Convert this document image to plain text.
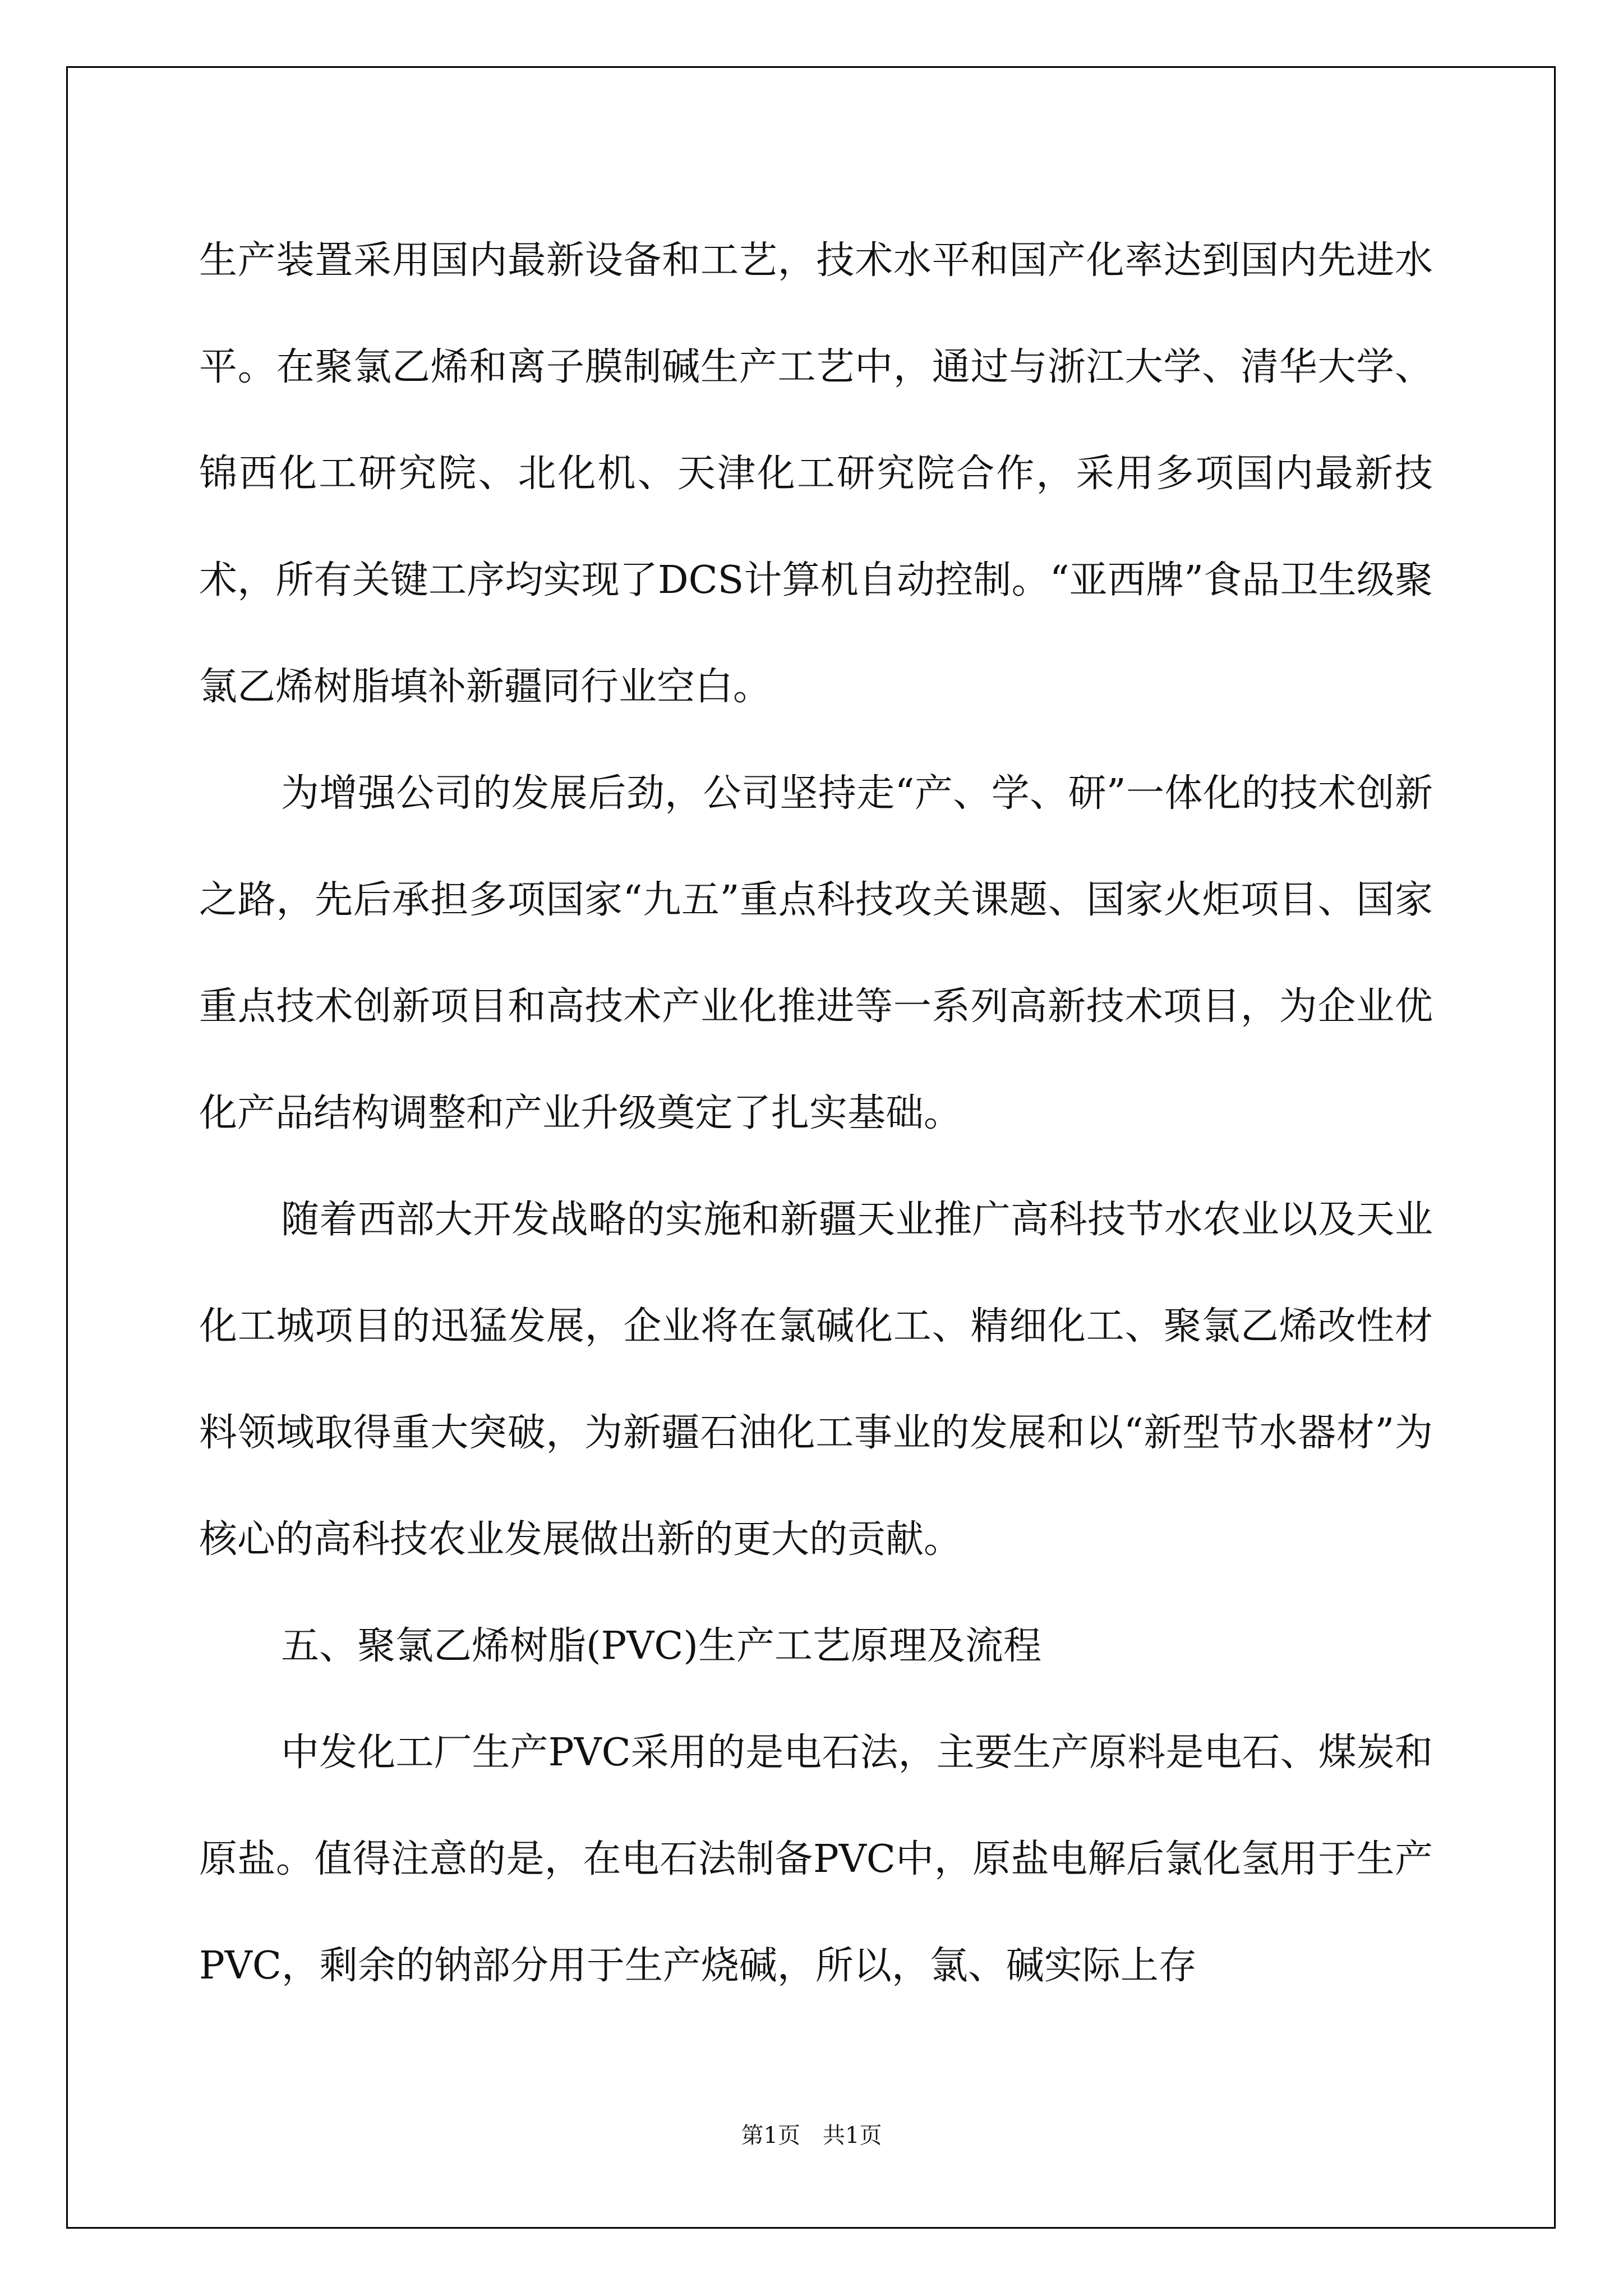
生产装置采用国内最新设备和工艺，技术水平和国产化率达到国内先进水平。在聚氯乙烯和离子膜制碱生产工艺中，通过与浙江大学、清华大学、锦西化工研究院、北化机、天津化工研究院合作，采用多项国内最新技术，所有关键工序均实现了DCS计算机自动控制。“亚西牌”食品卫生级聚氯乙烯树脂填补新疆同行业空白。

为增强公司的发展后劲，公司坚持走“产、学、研”一体化的技术创新之路，先后承担多项国家“九五”重点科技攻关课题、国家火炬项目、国家重点技术创新项目和高技术产业化推进等一系列高新技术项目，为企业优化产品结构调整和产业升级奠定了扎实基础。

随着西部大开发战略的实施和新疆天业推广高科技节水农业以及天业化工城项目的迅猛发展，企业将在氯碱化工、精细化工、聚氯乙烯改性材料领域取得重大突破，为新疆石油化工事业的发展和以“新型节水器材”为核心的高科技农业发展做出新的更大的贡献。

五、聚氯乙烯树脂(PVC)生产工艺原理及流程

中发化工厂生产PVC采用的是电石法，主要生产原料是电石、煤炭和原盐。值得注意的是，在电石法制备PVC中，原盐电解后氯化氢用于生产PVC，剩余的钠部分用于生产烧碱，所以，氯、碱实际上存

第1页 共1页
